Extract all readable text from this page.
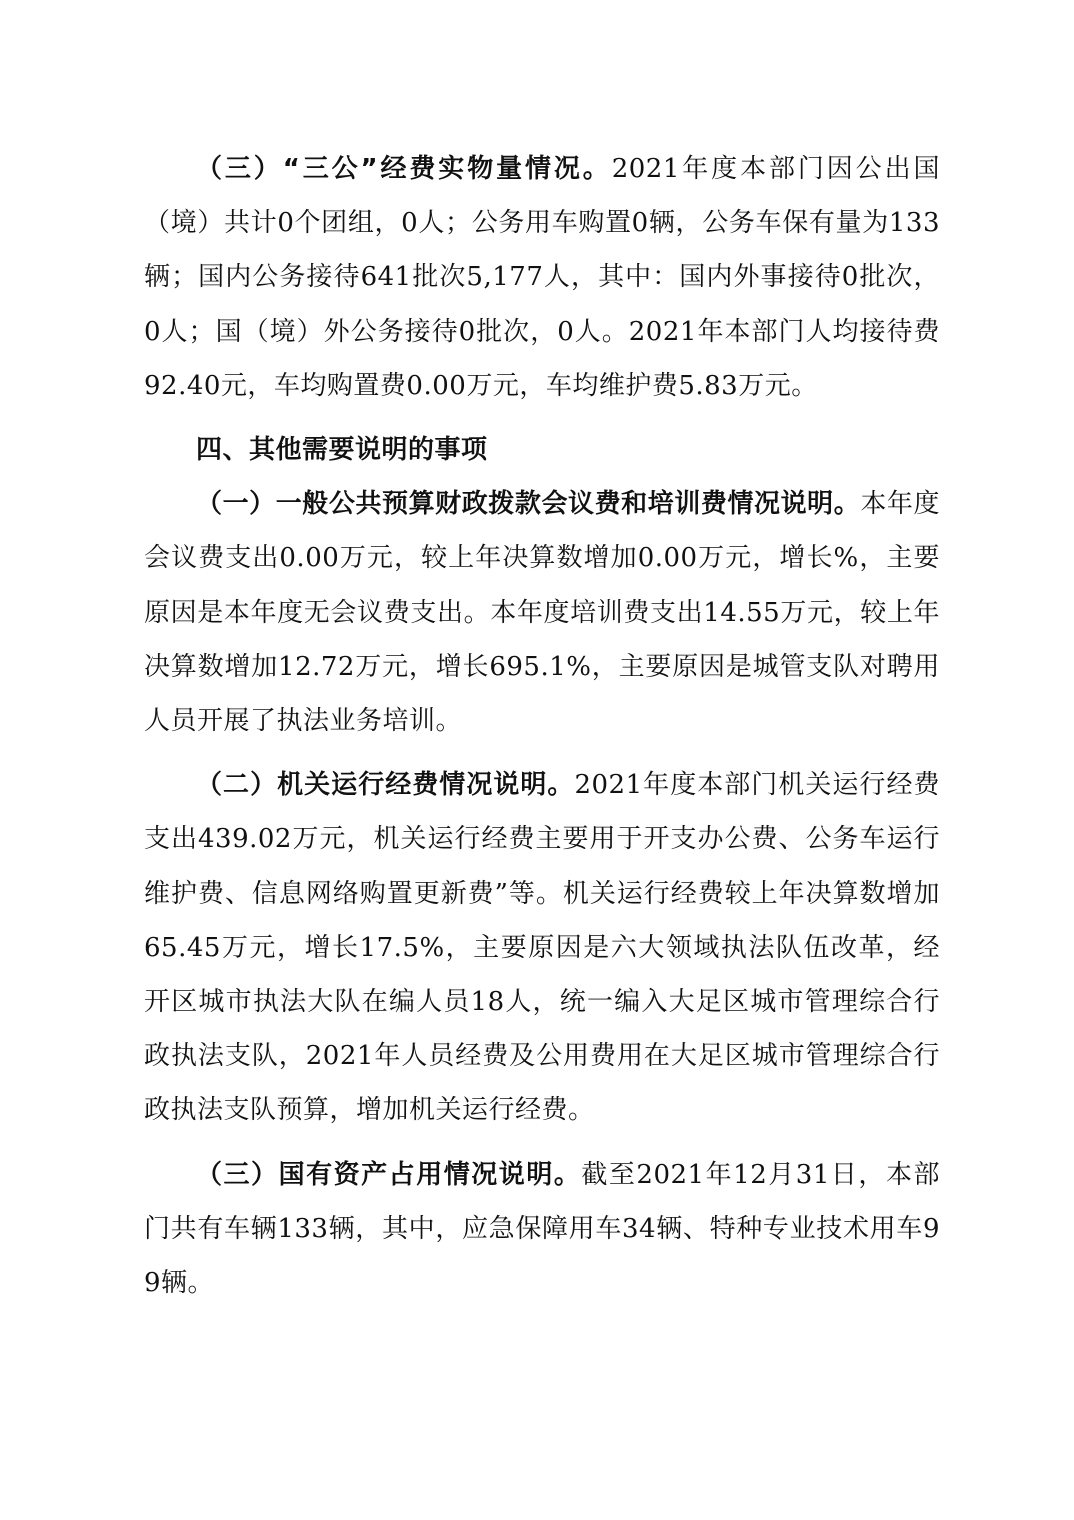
（三）“三公”经费实物量情况。2021年度本部门因公出国（境）共计0个团组，0人；公务用车购置0辆，公务车保有量为133辆；国内公务接待641批次5,177人，其中：国内外事接待0批次，0人；国（境）外公务接待0批次，0人。2021年本部门人均接待费92.40元，车均购置费0.00万元，车均维护费5.83万元。

四、其他需要说明的事项

（一）一般公共预算财政拨款会议费和培训费情况说明。本年度会议费支出0.00万元，较上年决算数增加0.00万元，增长%，主要原因是本年度无会议费支出。本年度培训费支出14.55万元，较上年决算数增加12.72万元，增长695.1%，主要原因是城管支队对聘用人员开展了执法业务培训。

（二）机关运行经费情况说明。2021年度本部门机关运行经费支出439.02万元，机关运行经费主要用于开支办公费、公务车运行维护费、信息网络购置更新费”等。机关运行经费较上年决算数增加65.45万元，增长17.5%，主要原因是六大领域执法队伍改革，经开区城市执法大队在编人员18人，统一编入大足区城市管理综合行政执法支队，2021年人员经费及公用费用在大足区城市管理综合行政执法支队预算，增加机关运行经费。

（三）国有资产占用情况说明。截至2021年12月31日，本部门共有车辆133辆，其中，应急保障用车34辆、特种专业技术用车99辆。
